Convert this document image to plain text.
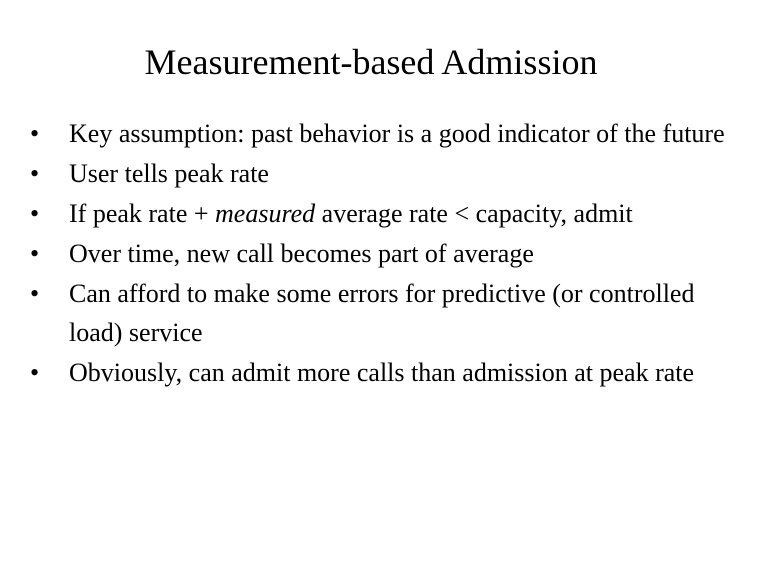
Measurement-based Admission
•	Key assumption: past behavior is a good indicator of the future
•	User tells peak rate
•	If peak rate + measured average rate < capacity, admit
•	Over time, new call becomes part of average
•	Can afford to make some errors for predictive (or controlled load) service
•	Obviously, can admit more calls than admission at peak rate
